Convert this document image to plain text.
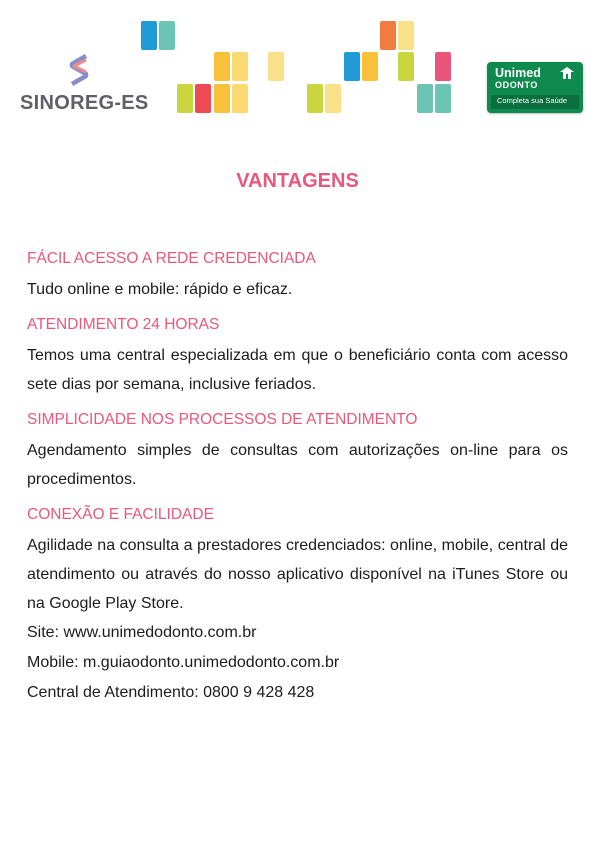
SINOREG-ES
Unimed
ODONTO
Completa sua Saúde
VANTAGENS
FÁCIL ACESSO A REDE CREDENCIADA

Tudo online e mobile: rápido e eficaz.

ATENDIMENTO 24 HORAS

Temos uma central especializada em que o beneficiário conta com acesso sete dias por semana, inclusive feriados.

SIMPLICIDADE NOS PROCESSOS DE ATENDIMENTO

Agendamento simples de consultas com autorizações on-line para os procedimentos.

CONEXÃO E FACILIDADE

Agilidade na consulta a prestadores credenciados: online, mobile, central de atendimento ou através do nosso aplicativo disponível na iTunes Store ou na Google Play Store.

Site: www.unimedodonto.com.br

Mobile: m.guiaodonto.unimedodonto.com.br

Central de Atendimento: 0800 9 428 428
